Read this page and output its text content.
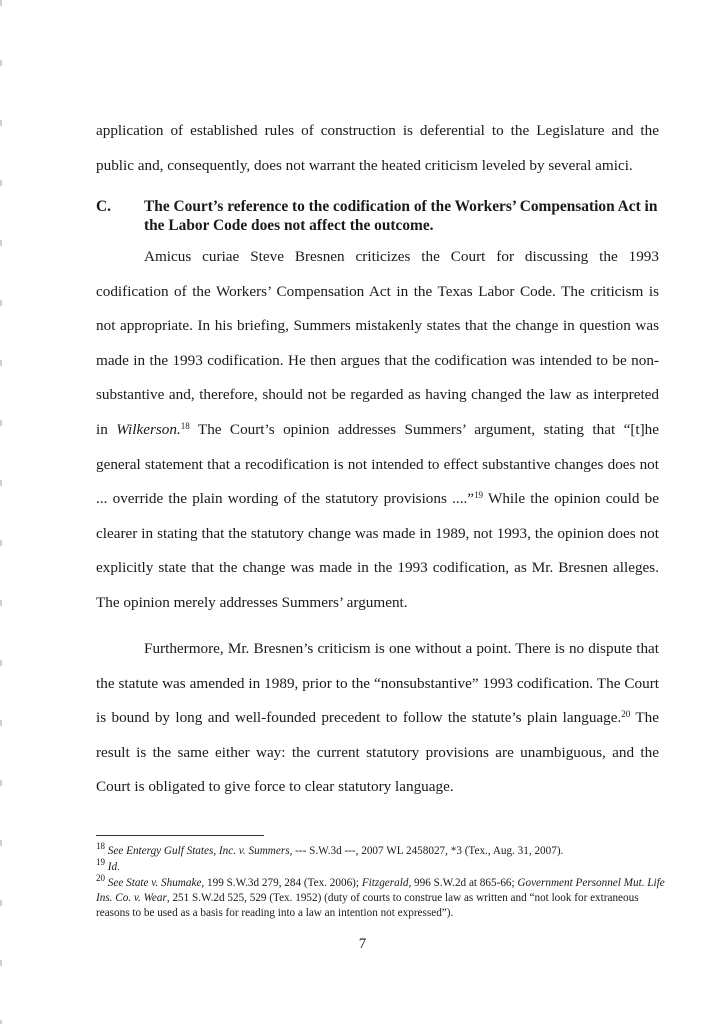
application of established rules of construction is deferential to the Legislature and the public and, consequently, does not warrant the heated criticism leveled by several amici.

C. The Court’s reference to the codification of the Workers’ Compensation Act in the Labor Code does not affect the outcome.

Amicus curiae Steve Bresnen criticizes the Court for discussing the 1993 codification of the Workers’ Compensation Act in the Texas Labor Code. The criticism is not appropriate. In his briefing, Summers mistakenly states that the change in question was made in the 1993 codification. He then argues that the codification was intended to be non-substantive and, therefore, should not be regarded as having changed the law as interpreted in Wilkerson.$^{18}$ The Court’s opinion addresses Summers’ argument, stating that “[t]he general statement that a recodification is not intended to effect substantive changes does not ... override the plain wording of the statutory provisions ....”$^{19}$ While the opinion could be clearer in stating that the statutory change was made in 1989, not 1993, the opinion does not explicitly state that the change was made in the 1993 codification, as Mr. Bresnen alleges. The opinion merely addresses Summers’ argument.

Furthermore, Mr. Bresnen’s criticism is one without a point. There is no dispute that the statute was amended in 1989, prior to the “nonsubstantive” 1993 codification. The Court is bound by long and well-founded precedent to follow the statute’s plain language.$^{20}$ The result is the same either way: the current statutory provisions are unambiguous, and the Court is obligated to give force to clear statutory language.

$^{18}$ See Entergy Gulf States, Inc. v. Summers, --- S.W.3d ---, 2007 WL 2458027, *3 (Tex., Aug. 31, 2007).

$^{19}$ Id.

$^{20}$ See State v. Shumake, 199 S.W.3d 279, 284 (Tex. 2006); Fitzgerald, 996 S.W.2d at 865-66; Government Personnel Mut. Life Ins. Co. v. Wear, 251 S.W.2d 525, 529 (Tex. 1952) (duty of courts to construe law as written and “not look for extraneous reasons to be used as a basis for reading into a law an intention not expressed”).

7
